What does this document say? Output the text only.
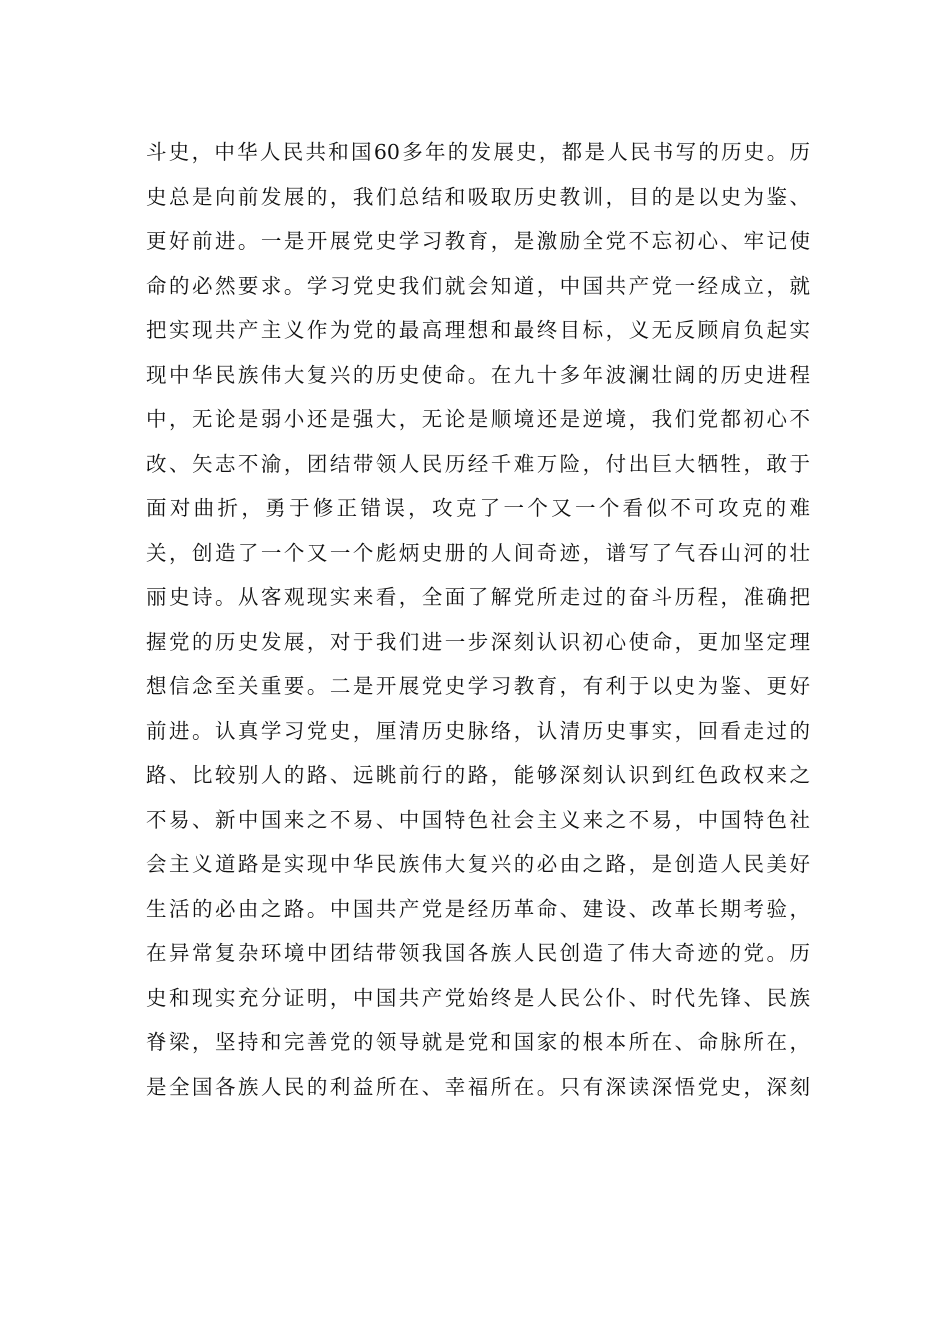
斗史，中华人民共和国60多年的发展史，都是人民书写的历史。历
史总是向前发展的，我们总结和吸取历史教训，目的是以史为鉴、
更好前进。一是开展党史学习教育，是激励全党不忘初心、牢记使
命的必然要求。学习党史我们就会知道，中国共产党一经成立，就
把实现共产主义作为党的最高理想和最终目标，义无反顾肩负起实
现中华民族伟大复兴的历史使命。在九十多年波澜壮阔的历史进程
中，无论是弱小还是强大，无论是顺境还是逆境，我们党都初心不
改、矢志不渝，团结带领人民历经千难万险，付出巨大牺牲，敢于
面对曲折，勇于修正错误，攻克了一个又一个看似不可攻克的难
关，创造了一个又一个彪炳史册的人间奇迹，谱写了气吞山河的壮
丽史诗。从客观现实来看，全面了解党所走过的奋斗历程，准确把
握党的历史发展，对于我们进一步深刻认识初心使命，更加坚定理
想信念至关重要。二是开展党史学习教育，有利于以史为鉴、更好
前进。认真学习党史，厘清历史脉络，认清历史事实，回看走过的
路、比较别人的路、远眺前行的路，能够深刻认识到红色政权来之
不易、新中国来之不易、中国特色社会主义来之不易，中国特色社
会主义道路是实现中华民族伟大复兴的必由之路，是创造人民美好
生活的必由之路。中国共产党是经历革命、建设、改革长期考验，
在异常复杂环境中团结带领我国各族人民创造了伟大奇迹的党。历
史和现实充分证明，中国共产党始终是人民公仆、时代先锋、民族
脊梁，坚持和完善党的领导就是党和国家的根本所在、命脉所在，
是全国各族人民的利益所在、幸福所在。只有深读深悟党史，深刻
